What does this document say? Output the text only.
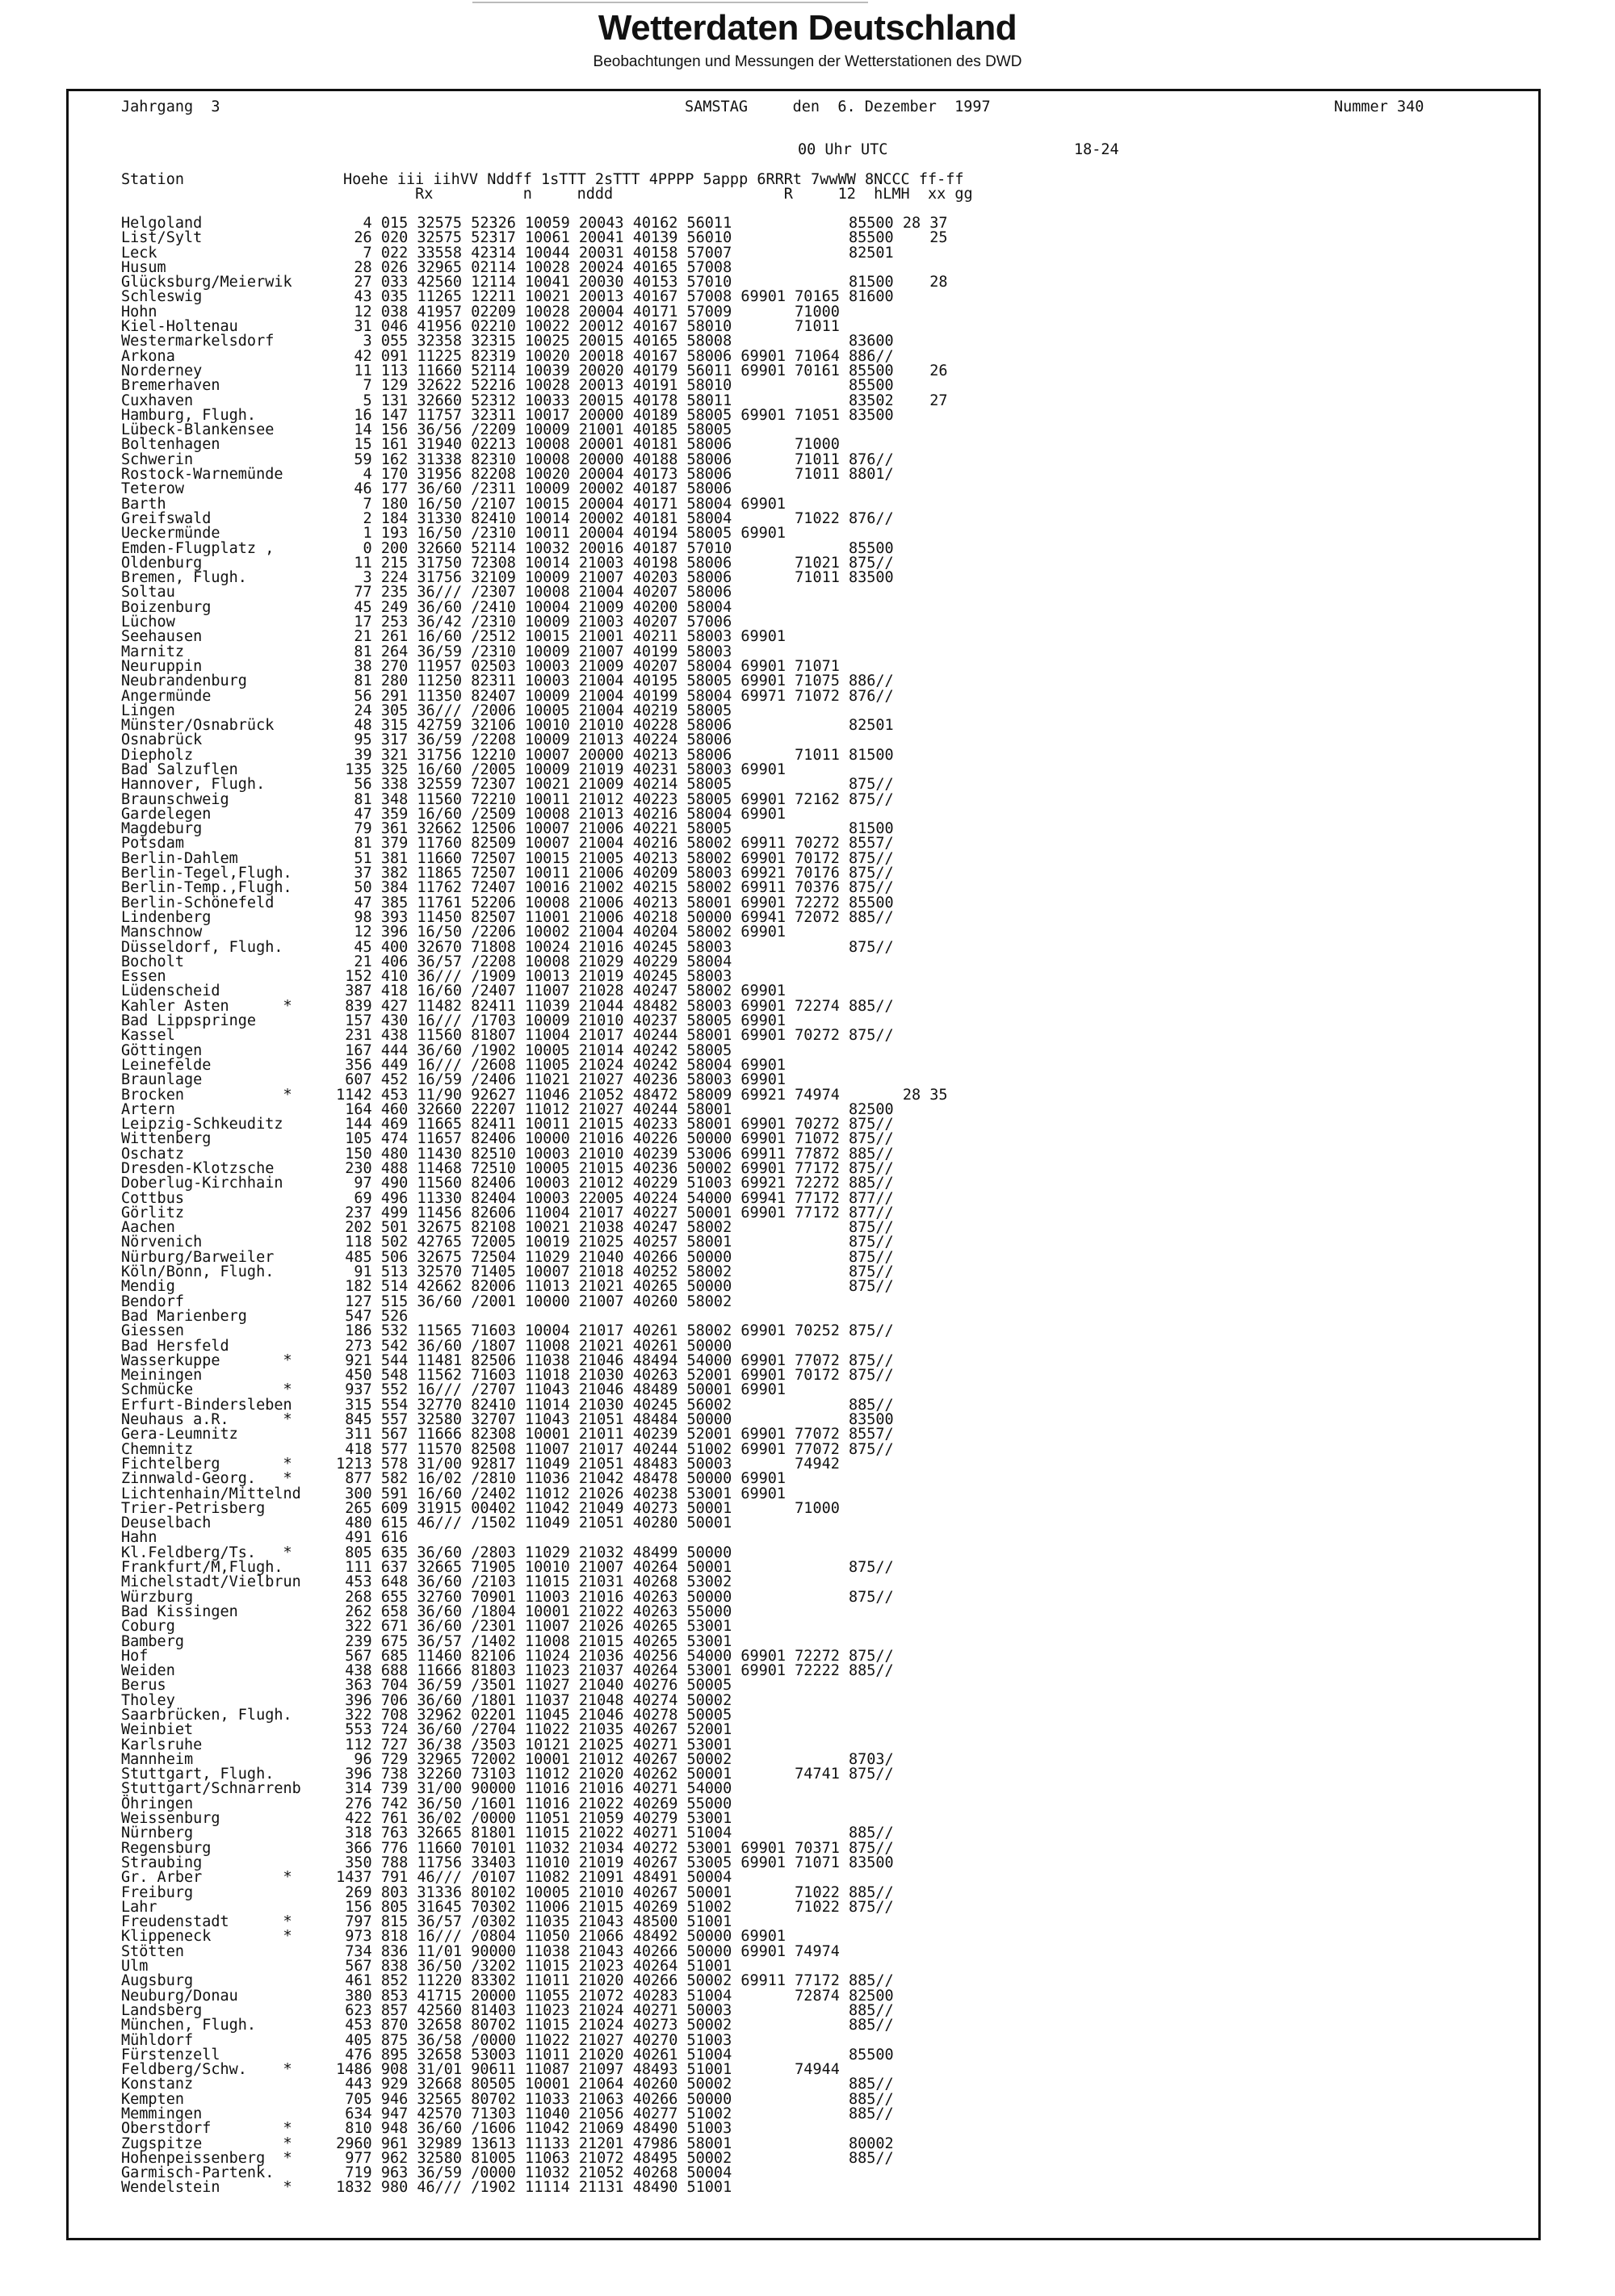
Wetterdaten Deutschland
Beobachtungen und Messungen der Wetterstationen des DWD
Jahrgang  3	SAMSTAG     den  6. Dezember  1997	Nummer 340
00 Uhr UTC	18-24
Station	Hoehe iii iihVV Nddff 1sTTT 2sTTT 4PPPP 5appp 6RRRt 7wwWW 8NCCC ff-ff
Rx          n     nddd                   R     12  hLMH  xx gg
Helgoland	4 015 32575 52326 10059 20043 40162 56011             85500 28 37
List/Sylt	26 020 32575 52317 10061 20041 40139 56010             85500    25
Leck	7 022 33558 42314 10044 20031 40158 57007             82501
Husum	28 026 32965 02114 10028 20024 40165 57008
Glücksburg/Meierwik 27 033 42560 12114 10041 20030 40153 57010             81500    28
Schleswig	43 035 11265 12211 10021 20013 40167 57008 69901 70165 81600
Hohn	12 038 41957 02209 10028 20004 40171 57009       71000
Kiel-Holtenau	31 046 41956 02210 10022 20012 40167 58010       71011
Westermarkelsdorf	3 055 32358 32315 10025 20015 40165 58008             83600
Arkona	42 091 11225 82319 10020 20018 40167 58006 69901 71064 886//
Norderney	11 113 11660 52114 10039 20020 40179 56011 69901 70161 85500    26
Bremerhaven	7 129 32622 52216 10028 20013 40191 58010             85500
Cuxhaven	5 131 32660 52312 10033 20015 40178 58011             83502    27
Hamburg, Flugh.	16 147 11757 32311 10017 20000 40189 58005 69901 71051 83500
Lübeck-Blankensee	14 156 36/56 /2209 10009 21001 40185 58005
Boltenhagen	15 161 31940 02213 10008 20001 40181 58006       71000
Schwerin	59 162 31338 82310 10008 20000 40188 58006       71011 876//
Rostock-Warnemünde	4 170 31956 82208 10020 20004 40173 58006       71011 8801/
Teterow	46 177 36/60 /2311 10009 20002 40187 58006
Barth	7 180 16/50 /2107 10015 20004 40171 58004 69901
Greifswald	2 184 31330 82410 10014 20002 40181 58004       71022 876//
Ueckermünde	1 193 16/50 /2310 10011 20004 40194 58005 69901
Emden-Flugplatz ,	0 200 32660 52114 10032 20016 40187 57010             85500
Oldenburg	11 215 31750 72308 10014 21003 40198 58006       71021 875//
Bremen, Flugh.	3 224 31756 32109 10009 21007 40203 58006       71011 83500
Soltau	77 235 36/// /2307 10008 21004 40207 58006
Boizenburg	45 249 36/60 /2410 10004 21009 40200 58004
Lüchow	17 253 36/42 /2310 10009 21003 40207 57006
Seehausen	21 261 16/60 /2512 10015 21001 40211 58003 69901
Marnitz	81 264 36/59 /2310 10009 21007 40199 58003
Neuruppin	38 270 11957 02503 10003 21009 40207 58004 69901 71071
Neubrandenburg	81 280 11250 82311 10003 21004 40195 58005 69901 71075 886//
Angermünde	56 291 11350 82407 10009 21004 40199 58004 69971 71072 876//
Lingen	24 305 36/// /2006 10005 21004 40219 58005
Münster/Osnabrück	48 315 42759 32106 10010 21010 40228 58006             82501
Osnabrück	95 317 36/59 /2208 10009 21013 40224 58006
Diepholz	39 321 31756 12210 10007 20000 40213 58006       71011 81500
Bad Salzuflen	135 325 16/60 /2005 10009 21019 40231 58003 69901
Hannover, Flugh.	56 338 32559 72307 10021 21009 40214 58005             875//
Braunschweig	81 348 11560 72210 10011 21012 40223 58005 69901 72162 875//
Gardelegen	47 359 16/60 /2509 10008 21013 40216 58004 69901
Magdeburg	79 361 32662 12506 10007 21006 40221 58005             81500
Potsdam	81 379 11760 82509 10007 21004 40216 58002 69911 70272 8557/
Berlin-Dahlem	51 381 11660 72507 10015 21005 40213 58002 69901 70172 875//
Berlin-Tegel,Flugh. 37 382 11865 72507 10011 21006 40209 58003 69921 70176 875//
Berlin-Temp.,Flugh. 50 384 11762 72407 10016 21002 40215 58002 69911 70376 875//
Berlin-Schönefeld	47 385 11761 52206 10008 21006 40213 58001 69901 72272 85500
Lindenberg	98 393 11450 82507 11001 21006 40218 50000 69941 72072 885//
Manschnow	12 396 16/50 /2206 10002 21004 40204 58002 69901
Düsseldorf, Flugh.	45 400 32670 71808 10024 21016 40245 58003             875//
Bocholt	21 406 36/57 /2208 10008 21029 40229 58004
Essen	152 410 36/// /1909 10013 21019 40245 58003
Lüdenscheid	387 418 16/60 /2407 11007 21028 40247 58002 69901
Kahler Asten      * 839 427 11482 82411 11039 21044 48482 58003 69901 72274 885//
Bad Lippspringe	157 430 16/// /1703 10009 21010 40237 58005 69901
Kassel	231 438 11560 81807 11004 21017 40244 58001 69901 70272 875//
Göttingen	167 444 36/60 /1902 10005 21014 40242 58005
Leinefelde	356 449 16/// /2608 11005 21024 40242 58004 69901
Braunlage	607 452 16/59 /2406 11021 21027 40236 58003 69901
Brocken           * 1142 453 11/90 92627 11046 21052 48472 58009 69921 74974       28 35
Artern	164 460 32660 22207 11012 21027 40244 58001             82500
Leipzig-Schkeuditz	144 469 11665 82411 10011 21015 40233 58001 69901 70272 875//
Wittenberg	105 474 11657 82406 10000 21016 40226 50000 69901 71072 875//
Oschatz	150 480 11430 82510 10003 21010 40239 53006 69911 77872 885//
Dresden-Klotzsche	230 488 11468 72510 10005 21015 40236 50002 69901 77172 875//
Doberlug-Kirchhain	97 490 11560 82406 10003 21012 40229 51003 69921 72272 885//
Cottbus	69 496 11330 82404 10003 22005 40224 54000 69941 77172 877//
Görlitz	237 499 11456 82606 11004 21017 40227 50001 69901 77172 877//
Aachen	202 501 32675 82108 10021 21038 40247 58002             875//
Nörvenich	118 502 42765 72005 10019 21025 40257 58001             875//
Nürburg/Barweiler	485 506 32675 72504 11029 21040 40266 50000             875//
Köln/Bonn, Flugh.	91 513 32570 71405 10007 21018 40252 58002             875//
Mendig	182 514 42662 82006 11013 21021 40265 50000             875//
Bendorf	127 515 36/60 /2001 10000 21007 40260 58002
Bad Marienberg	547 526
Giessen	186 532 11565 71603 10004 21017 40261 58002 69901 70252 875//
Bad Hersfeld	273 542 36/60 /1807 11008 21021 40261 50000
Wasserkuppe       * 921 544 11481 82506 11038 21046 48494 54000 69901 77072 875//
Meiningen	450 548 11562 71603 11018 21030 40263 52001 69901 70172 875//
Schmücke          * 937 552 16/// /2707 11043 21046 48489 50001 69901
Erfurt-Bindersleben 315 554 32770 82410 11014 21030 40245 56002             885//
Neuhaus a.R.      * 845 557 32580 32707 11043 21051 48484 50000             83500
Gera-Leumnitz	311 567 11666 82308 10001 21011 40239 52001 69901 77072 8557/
Chemnitz	418 577 11570 82508 11007 21017 40244 51002 69901 77072 875//
Fichtelberg       * 1213 578 31/00 92817 11049 21051 48483 50003       74942
Zinnwald-Georg.   * 877 582 16/02 /2810 11036 21042 48478 50000 69901
Lichtenhain/Mittelnd 300 591 16/60 /2402 11012 21026 40238 53001 69901
Trier-Petrisberg	265 609 31915 00402 11042 21049 40273 50001       71000
Deuselbach	480 615 46/// /1502 11049 21051 40280 50001
Hahn	491 616
Kl.Feldberg/Ts.   * 805 635 36/60 /2803 11029 21032 48499 50000
Frankfurt/M,Flugh.	111 637 32665 71905 10010 21007 40264 50001             875//
Michelstadt/Vielbrun 453 648 36/60 /2103 11015 21031 40268 53002
Würzburg	268 655 32760 70901 11003 21016 40263 50000             875//
Bad Kissingen	262 658 36/60 /1804 10001 21022 40263 55000
Coburg	322 671 36/60 /2301 11007 21026 40265 53001
Bamberg	239 675 36/57 /1402 11008 21015 40265 53001
Hof	567 685 11460 82106 11024 21036 40256 54000 69901 72272 875//
Weiden	438 688 11666 81803 11023 21037 40264 53001 69901 72222 885//
Berus	363 704 36/59 /3501 11027 21040 40276 50005
Tholey	396 706 36/60 /1801 11037 21048 40274 50002
Saarbrücken, Flugh. 322 708 32962 02201 11045 21046 40278 50005
Weinbiet	553 724 36/60 /2704 11022 21035 40267 52001
Karlsruhe	112 727 36/38 /3503 10121 21025 40271 53001
Mannheim	96 729 32965 72002 10001 21012 40267 50002             8703/
Stuttgart, Flugh.	396 738 32260 73103 11012 21020 40262 50001       74741 875//
Stuttgart/Schnarrenb 314 739 31/00 90000 11016 21016 40271 54000
Öhringen	276 742 36/50 /1601 11016 21022 40269 55000
Weissenburg	422 761 36/02 /0000 11051 21059 40279 53001
Nürnberg	318 763 32665 81801 11015 21022 40271 51004             885//
Regensburg	366 776 11660 70101 11032 21034 40272 53001 69901 70371 875//
Straubing	350 788 11756 33403 11010 21019 40267 53005 69901 71071 83500
Gr. Arber         * 1437 791 46/// /0107 11082 21091 48491 50004
Freiburg	269 803 31336 80102 10005 21010 40267 50001       71022 885//
Lahr	156 805 31645 70302 11006 21015 40269 51002       71022 875//
Freudenstadt      * 797 815 36/57 /0302 11035 21043 48500 51001
Klippeneck        * 973 818 16/// /0804 11050 21066 48492 50000 69901
Stötten	734 836 11/01 90000 11038 21043 40266 50000 69901 74974
Ulm	567 838 36/50 /3202 11015 21023 40264 51001
Augsburg	461 852 11220 83302 11011 21020 40266 50002 69911 77172 885//
Neuburg/Donau	380 853 41715 20000 11055 21072 40283 51004       72874 82500
Landsberg	623 857 42560 81403 11023 21024 40271 50003             885//
München, Flugh.	453 870 32658 80702 11015 21024 40273 50002             885//
Mühldorf	405 875 36/58 /0000 11022 21027 40270 51003
Fürstenzell	476 895 32658 53003 11011 21020 40261 51004             85500
Feldberg/Schw.    * 1486 908 31/01 90611 11087 21097 48493 51001       74944
Konstanz	443 929 32668 80505 10001 21064 40260 50002             885//
Kempten	705 946 32565 80702 11033 21063 40266 50000             885//
Memmingen	634 947 42570 71303 11040 21056 40277 51002             885//
Oberstdorf        * 810 948 36/60 /1606 11042 21069 48490 51003
Zugspitze         * 2960 961 32989 13613 11133 21201 47986 58001             80002
Hohenpeissenberg  * 977 962 32580 81005 11063 21072 48495 50002             885//
Garmisch-Partenk.	719 963 36/59 /0000 11032 21052 40268 50004
Wendelstein       * 1832 980 46/// /1902 11114 21131 48490 51001
